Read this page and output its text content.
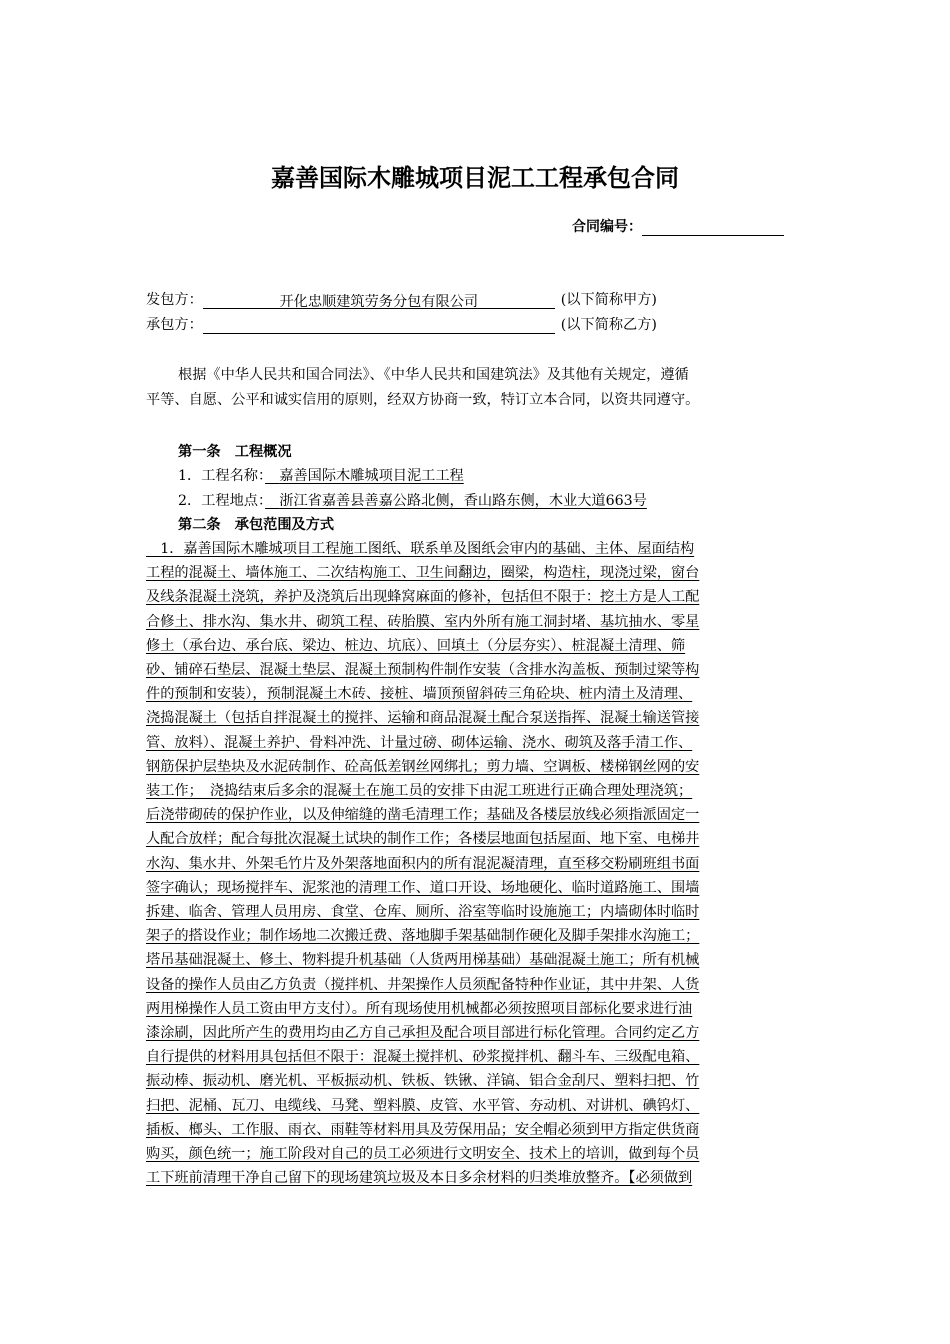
嘉善国际木雕城项目泥工工程承包合同
合同编号：
发包方：	开化忠顺建筑劳务分包有限公司	(以下简称甲方)
承包方：	(以下简称乙方)
根据《中华人民共和国合同法》、《中华人民共和国建筑法》及其他有关规定，遵循
平等、自愿、公平和诚实信用的原则，经双方协商一致，特订立本合同，以资共同遵守。
第一条　工程概况
1．工程名称：　 嘉善国际木雕城项目泥工工程
2．工程地点：　 浙江省嘉善县善嘉公路北侧，香山路东侧，木业大道663号
第二条　承包范围及方式
　1．嘉善国际木雕城项目工程施工图纸、联系单及图纸会审内的基础、主体、屋面结构
工程的混凝土、墙体施工、二次结构施工、卫生间翻边，圈梁，构造柱，现浇过梁，窗台
及线条混凝土浇筑，养护及浇筑后出现蜂窝麻面的修补，包括但不限于：挖土方是人工配
合修土、排水沟、集水井、砌筑工程、砖胎膜、室内外所有施工洞封堵、基坑抽水、零星
修土（承台边、承台底、梁边、桩边、坑底）、回填土（分层夯实）、桩混凝土清理、筛
砂、铺碎石垫层、混凝土垫层、混凝土预制构件制作安装（含排水沟盖板、预制过梁等构
件的预制和安装），预制混凝土木砖、接桩、墙顶预留斜砖三角砼块、桩内清土及清理、
浇捣混凝土（包括自拌混凝土的搅拌、运输和商品混凝土配合泵送指挥、混凝土输送管接
管、放料）、混凝土养护、骨料冲洗、计量过磅、砌体运输、浇水、砌筑及落手清工作、
钢筋保护层垫块及水泥砖制作、砼高低差钢丝网绑扎；剪力墙、空调板、楼梯钢丝网的安
装工作；　浇捣结束后多余的混凝土在施工员的安排下由泥工班进行正确合理处理浇筑；
后浇带砌砖的保护作业，以及伸缩缝的凿毛清理工作；基础及各楼层放线必须指派固定一
人配合放样；配合每批次混凝土试块的制作工作；各楼层地面包括屋面、地下室、电梯井
水沟、集水井、外架毛竹片及外架落地面积内的所有混泥凝清理，直至移交粉刷班组书面
签字确认；现场搅拌车、泥浆池的清理工作、道口开设、场地硬化、临时道路施工、围墙
拆建、临舍、管理人员用房、食堂、仓库、厕所、浴室等临时设施施工；内墙砌体时临时
架子的搭设作业；制作场地二次搬迁费、落地脚手架基础制作硬化及脚手架排水沟施工；
塔吊基础混凝土、修土、物料提升机基础（人货两用梯基础）基础混凝土施工；所有机械
设备的操作人员由乙方负责（搅拌机、井架操作人员须配备特种作业证，其中井架、人货
两用梯操作人员工资由甲方支付）。所有现场使用机械都必须按照项目部标化要求进行油
漆涂刷，因此所产生的费用均由乙方自己承担及配合项目部进行标化管理。合同约定乙方
自行提供的材料用具包括但不限于：混凝土搅拌机、砂浆搅拌机、翻斗车、三级配电箱、
振动棒、振动机、磨光机、平板振动机、铁板、铁锹、洋镐、铝合金刮尺、塑料扫把、竹
扫把、泥桶、瓦刀、电缆线、马凳、塑料膜、皮管、水平管、夯动机、对讲机、碘钨灯、
插板、榔头、工作服、雨衣、雨鞋等材料用具及劳保用品；安全帽必须到甲方指定供货商
购买，颜色统一；施工阶段对自己的员工必须进行文明安全、技术上的培训，做到每个员
工下班前清理干净自己留下的现场建筑垃圾及本日多余材料的归类堆放整齐。【必须做到
